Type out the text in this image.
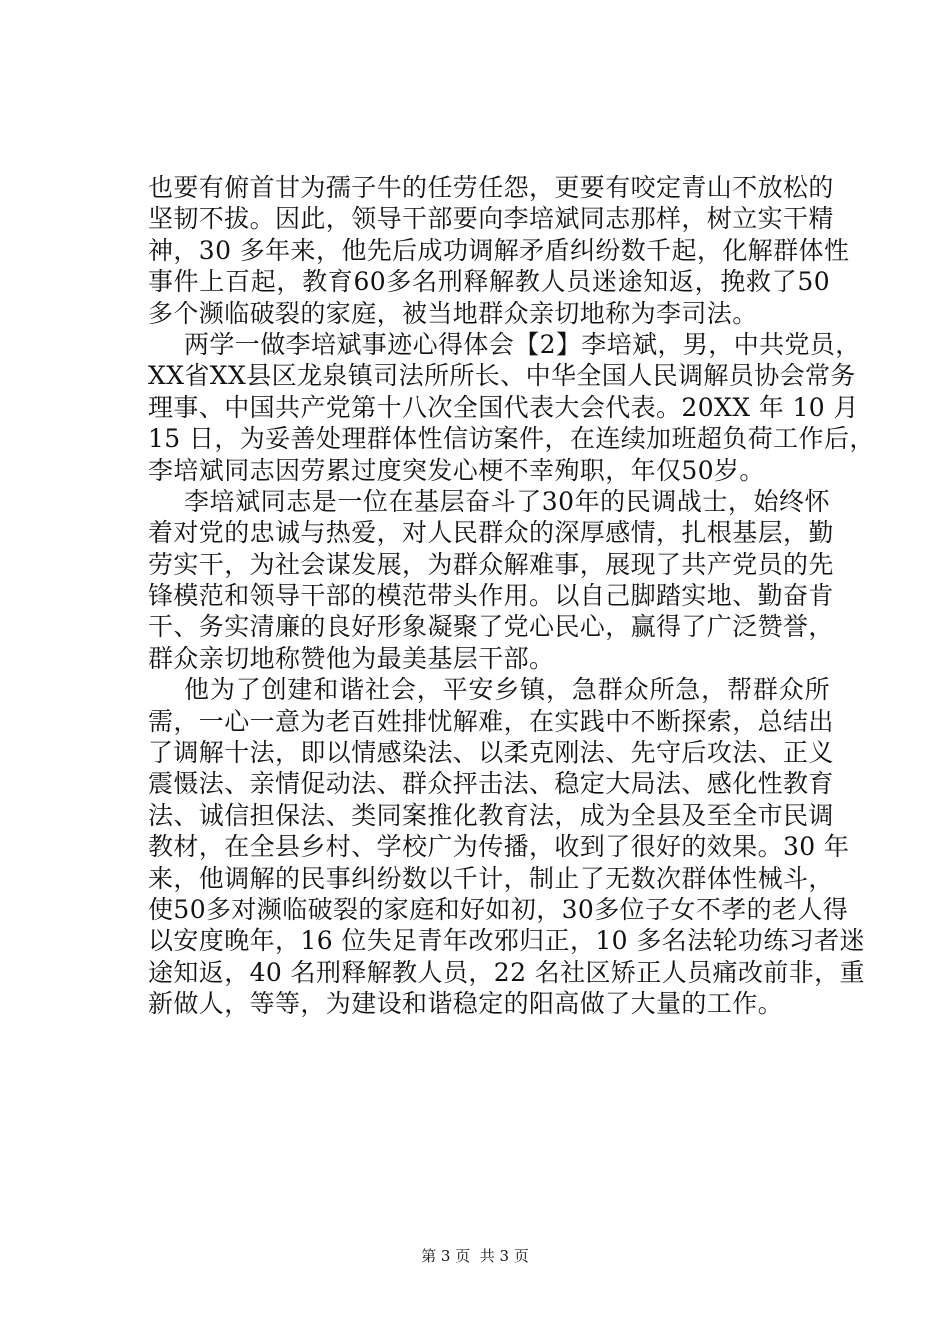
也要有俯首甘为孺子牛的任劳任怨，更要有咬定青山不放松的
坚韧不拔。因此，领导干部要向李培斌同志那样，树立实干精
神，30 多年来，他先后成功调解矛盾纠纷数千起，化解群体性
事件上百起，教育60多名刑释解教人员迷途知返，挽救了50
多个濒临破裂的家庭，被当地群众亲切地称为李司法。
两学一做李培斌事迹心得体会【2】李培斌，男，中共党员，
XX省XX县区龙泉镇司法所所长、中华全国人民调解员协会常务
理事、中国共产党第十八次全国代表大会代表。20XX 年 10 月
15 日，为妥善处理群体性信访案件，在连续加班超负荷工作后，
李培斌同志因劳累过度突发心梗不幸殉职，年仅50岁。
李培斌同志是一位在基层奋斗了30年的民调战士，始终怀
着对党的忠诚与热爱，对人民群众的深厚感情，扎根基层，勤
劳实干，为社会谋发展，为群众解难事，展现了共产党员的先
锋模范和领导干部的模范带头作用。以自己脚踏实地、勤奋肯
干、务实清廉的良好形象凝聚了党心民心，赢得了广泛赞誉，
群众亲切地称赞他为最美基层干部。
他为了创建和谐社会，平安乡镇，急群众所急，帮群众所
需，一心一意为老百姓排忧解难，在实践中不断探索，总结出
了调解十法，即以情感染法、以柔克刚法、先守后攻法、正义
震慑法、亲情促动法、群众抨击法、稳定大局法、感化性教育
法、诚信担保法、类同案推化教育法，成为全县及至全市民调
教材，在全县乡村、学校广为传播，收到了很好的效果。30 年
来，他调解的民事纠纷数以千计，制止了无数次群体性械斗，
使50多对濒临破裂的家庭和好如初，30多位子女不孝的老人得
以安度晚年，16 位失足青年改邪归正，10 多名法轮功练习者迷
途知返，40 名刑释解教人员，22 名社区矫正人员痛改前非，重
新做人，等等，为建设和谐稳定的阳高做了大量的工作。
第 3 页  共 3 页
